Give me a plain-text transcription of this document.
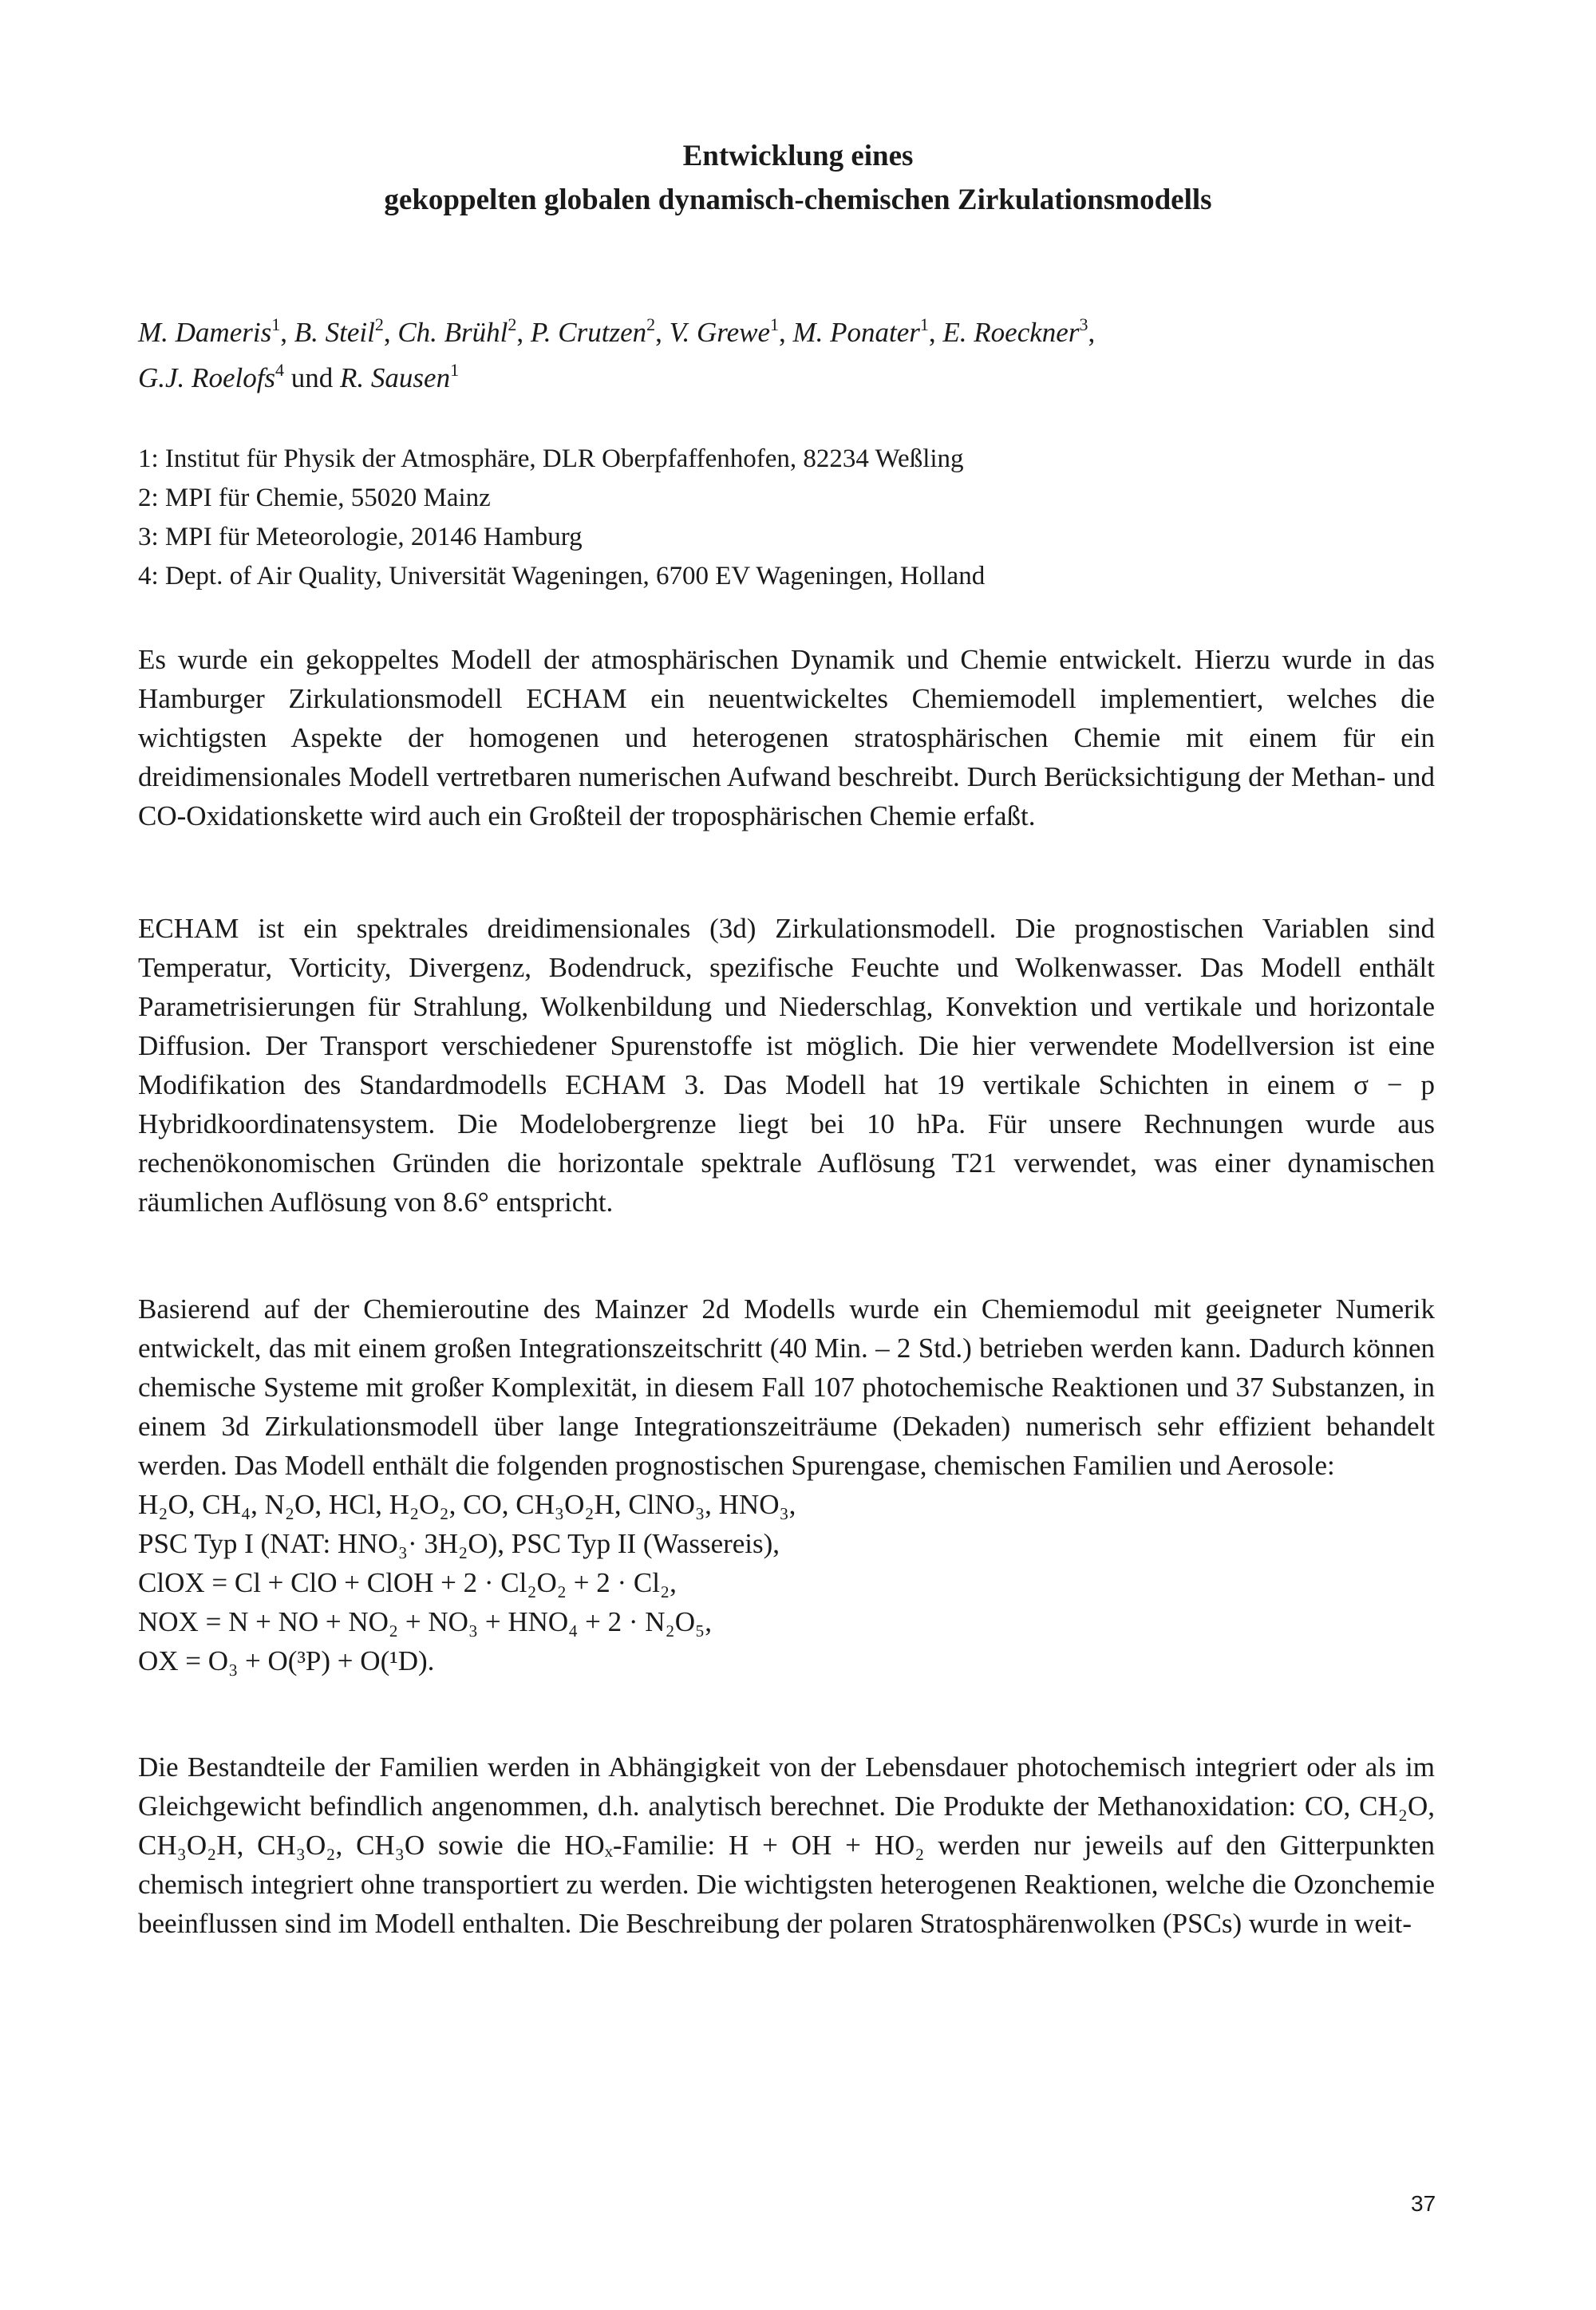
Entwicklung eines
gekoppelten globalen dynamisch-chemischen Zirkulationsmodells
M. Dameris$^1$, B. Steil$^2$, Ch. Brühl$^2$, P. Crutzen$^2$, V. Grewe$^1$, M. Ponater$^1$, E. Roeckner$^3$,
G.J. Roelofs$^4$ und R. Sausen$^1$
1: Institut für Physik der Atmosphäre, DLR Oberpfaffenhofen, 82234 Weßling
2: MPI für Chemie, 55020 Mainz
3: MPI für Meteorologie, 20146 Hamburg
4: Dept. of Air Quality, Universität Wageningen, 6700 EV Wageningen, Holland
Es wurde ein gekoppeltes Modell der atmosphärischen Dynamik und Chemie entwickelt. Hierzu wurde in das Hamburger Zirkulationsmodell ECHAM ein neuentwickeltes Chemiemodell implementiert, welches die wichtigsten Aspekte der homogenen und heterogenen stratosphärischen Chemie mit einem für ein dreidimensionales Modell vertretbaren numerischen Aufwand beschreibt. Durch Berücksichtigung der Methan- und CO-Oxidationskette wird auch ein Großteil der troposphärischen Chemie erfaßt.
ECHAM ist ein spektrales dreidimensionales (3d) Zirkulationsmodell. Die prognostischen Variablen sind Temperatur, Vorticity, Divergenz, Bodendruck, spezifische Feuchte und Wolkenwasser. Das Modell enthält Parametrisierungen für Strahlung, Wolkenbildung und Niederschlag, Konvektion und vertikale und horizontale Diffusion. Der Transport verschiedener Spurenstoffe ist möglich. Die hier verwendete Modellversion ist eine Modifikation des Standardmodells ECHAM 3. Das Modell hat 19 vertikale Schichten in einem σ − p Hybridkoordinatensystem. Die Modelobergrenze liegt bei 10 hPa. Für unsere Rechnungen wurde aus rechenökonomischen Gründen die horizontale spektrale Auflösung T21 verwendet, was einer dynamischen räumlichen Auflösung von 8.6° entspricht.
Basierend auf der Chemieroutine des Mainzer 2d Modells wurde ein Chemiemodul mit geeigneter Numerik entwickelt, das mit einem großen Integrationszeitschritt (40 Min. – 2 Std.) betrieben werden kann. Dadurch können chemische Systeme mit großer Komplexität, in diesem Fall 107 photochemische Reaktionen und 37 Substanzen, in einem 3d Zirkulationsmodell über lange Integrationszeiträume (Dekaden) numerisch sehr effizient behandelt werden. Das Modell enthält die folgenden prognostischen Spurengase, chemischen Familien und Aerosole:
H₂O, CH₄, N₂O, HCl, H₂O₂, CO, CH₃O₂H, ClNO₃, HNO₃,
PSC Typ I (NAT: HNO₃· 3H₂O), PSC Typ II (Wassereis),
ClOX = Cl + ClO + ClOH + 2 · Cl₂O₂ + 2 · Cl₂,
NOX = N + NO + NO₂ + NO₃ + HNO₄ + 2 · N₂O₅,
OX = O₃ + O(³P) + O(¹D).
Die Bestandteile der Familien werden in Abhängigkeit von der Lebensdauer photochemisch integriert oder als im Gleichgewicht befindlich angenommen, d.h. analytisch berechnet. Die Produkte der Methanoxidation: CO, CH₂O, CH₃O₂H, CH₃O₂, CH₃O sowie die HOₓ-Familie: H + OH + HO₂ werden nur jeweils auf den Gitterpunkten chemisch integriert ohne transportiert zu werden. Die wichtigsten heterogenen Reaktionen, welche die Ozonchemie beeinflussen sind im Modell enthalten. Die Beschreibung der polaren Stratosphärenwolken (PSCs) wurde in weit-
37
